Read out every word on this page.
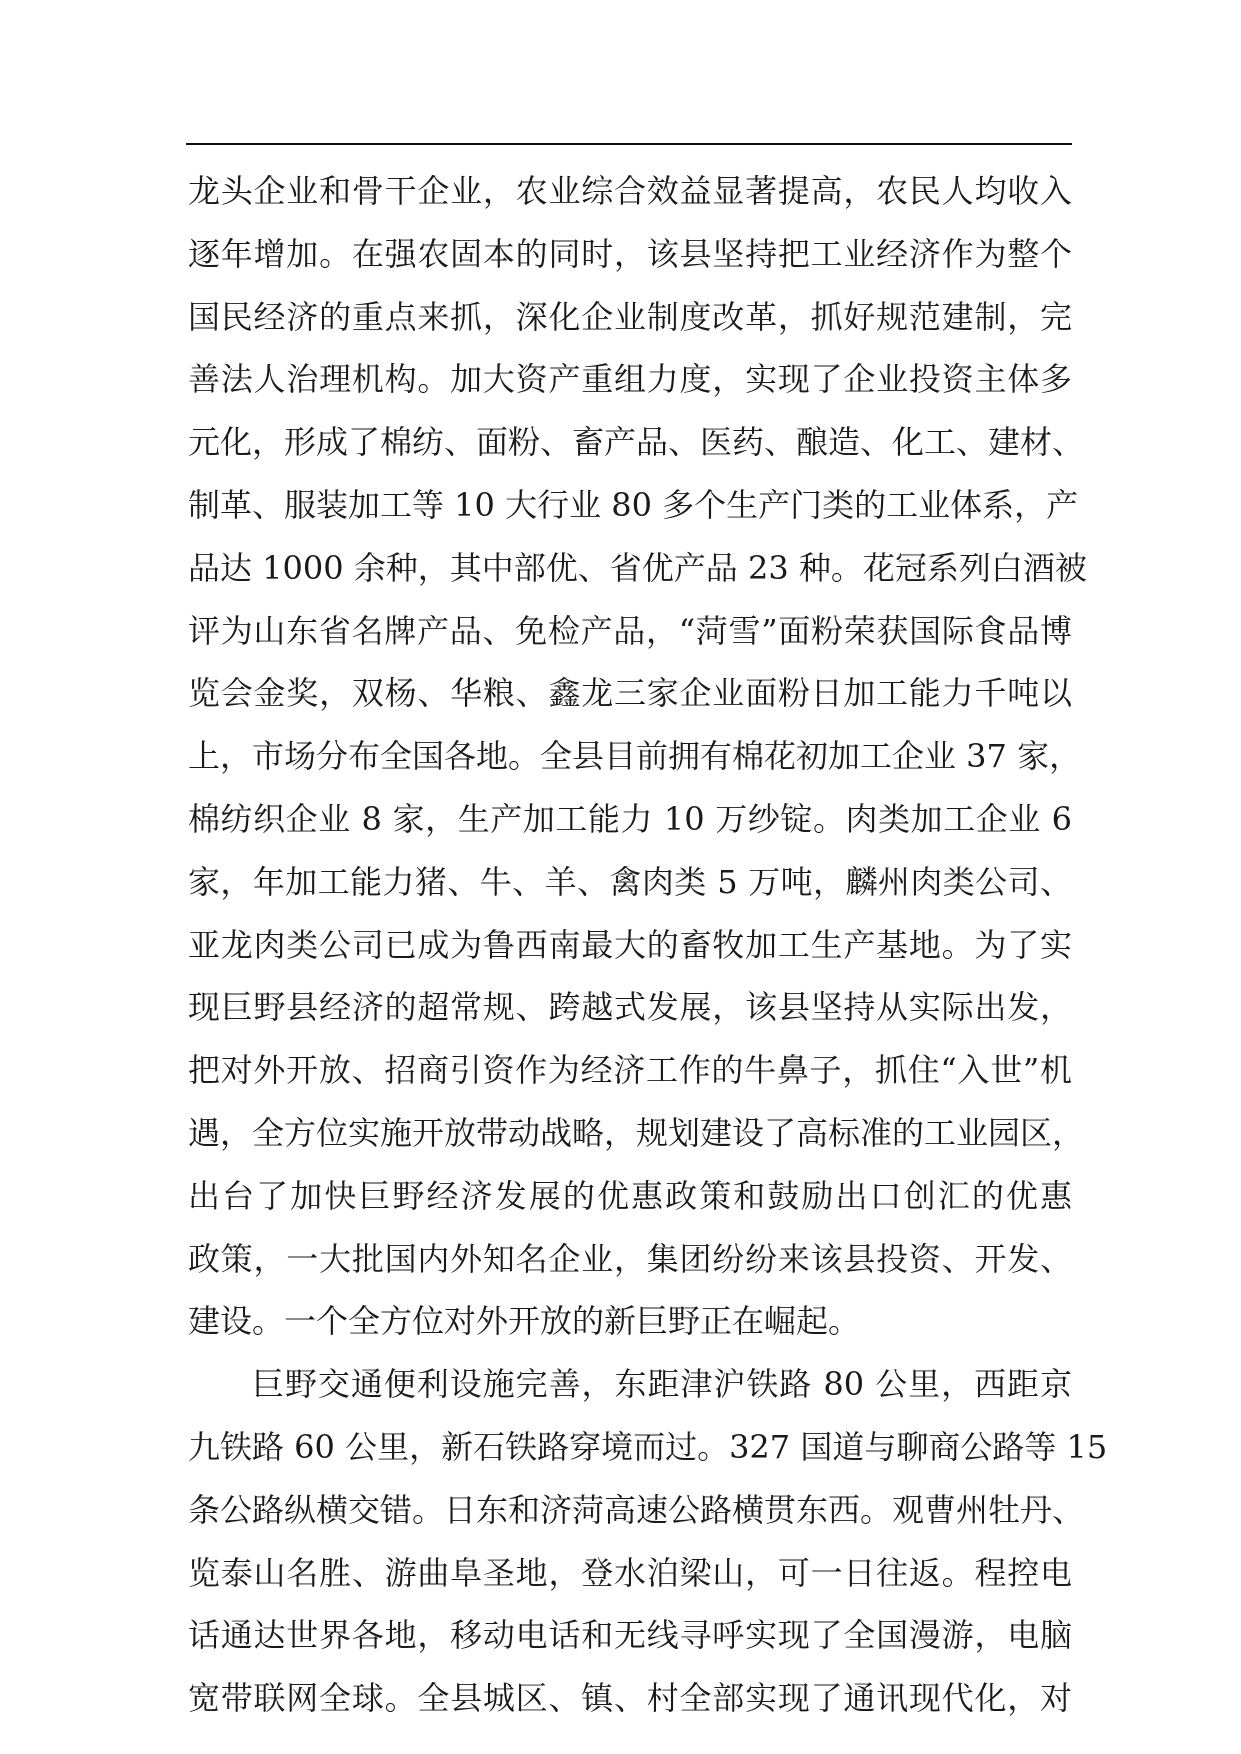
龙头企业和骨干企业，农业综合效益显著提高，农民人均收入
逐年增加。在强农固本的同时，该县坚持把工业经济作为整个
国民经济的重点来抓，深化企业制度改革，抓好规范建制，完
善法人治理机构。加大资产重组力度，实现了企业投资主体多
元化，形成了棉纺、面粉、畜产品、医药、酿造、化工、建材、
制革、服装加工等 10 大行业 80 多个生产门类的工业体系，产
品达 1000 余种，其中部优、省优产品 23 种。花冠系列白酒被
评为山东省名牌产品、免检产品，“菏雪”面粉荣获国际食品博
览会金奖，双杨、华粮、鑫龙三家企业面粉日加工能力千吨以
上，市场分布全国各地。全县目前拥有棉花初加工企业 37 家，
棉纺织企业 8 家，生产加工能力 10 万纱锭。肉类加工企业 6
家，年加工能力猪、牛、羊、禽肉类 5 万吨，麟州肉类公司、
亚龙肉类公司已成为鲁西南最大的畜牧加工生产基地。为了实
现巨野县经济的超常规、跨越式发展，该县坚持从实际出发，
把对外开放、招商引资作为经济工作的牛鼻子，抓住“入世”机
遇，全方位实施开放带动战略，规划建设了高标准的工业园区，
出台了加快巨野经济发展的优惠政策和鼓励出口创汇的优惠
政策，一大批国内外知名企业，集团纷纷来该县投资、开发、
建设。一个全方位对外开放的新巨野正在崛起。
巨野交通便利设施完善，东距津沪铁路 80 公里，西距京
九铁路 60 公里，新石铁路穿境而过。327 国道与聊商公路等 15
条公路纵横交错。日东和济菏高速公路横贯东西。观曹州牡丹、
览泰山名胜、游曲阜圣地，登水泊梁山，可一日往返。程控电
话通达世界各地，移动电话和无线寻呼实现了全国漫游，电脑
宽带联网全球。全县城区、镇、村全部实现了通讯现代化，对
